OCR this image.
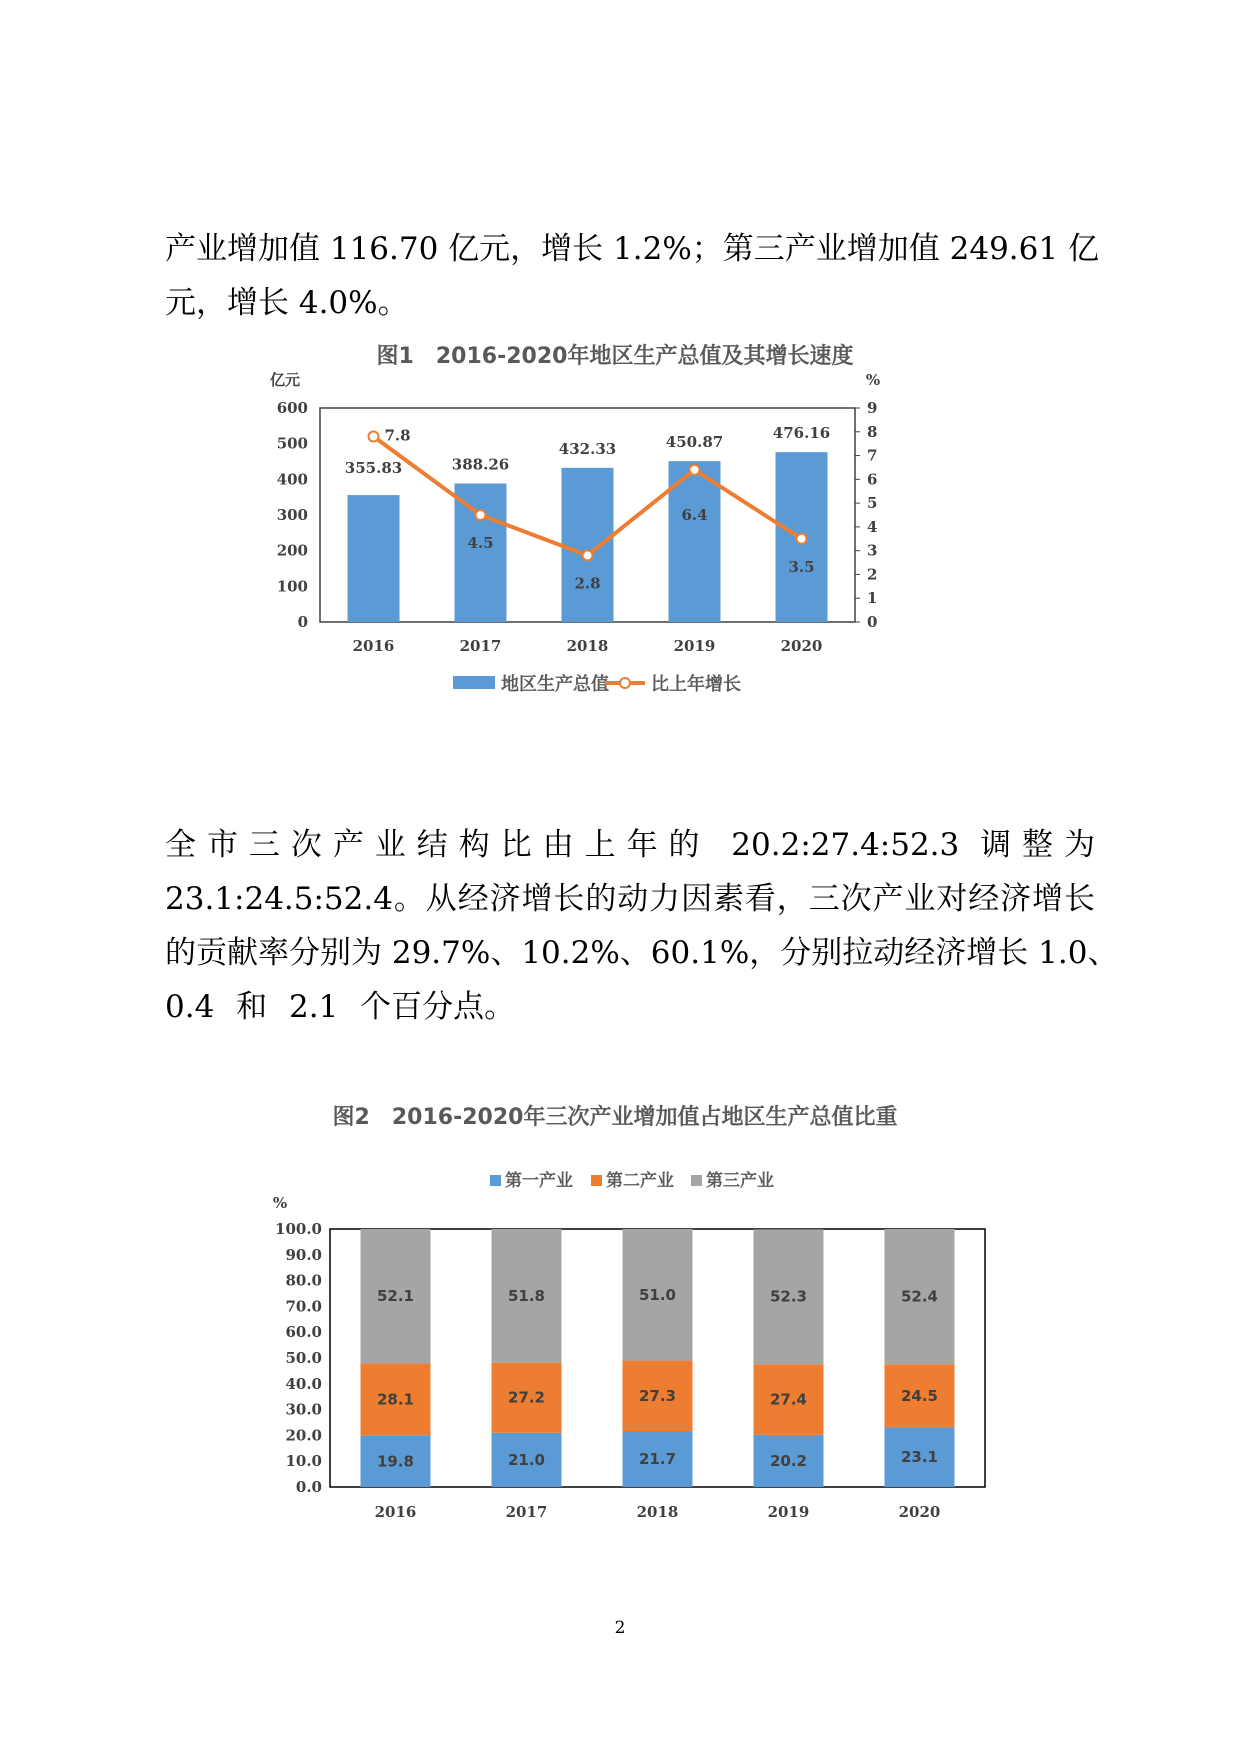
产业增加值 116.70 亿元，增长 1.2%；第三产业增加值 249.61 亿
元，增长 4.0%。
图1　2016-2020年地区生产总值及其增长速度
亿元	%
0
100
200
300
400
500
600
0
1
2
3
4
5
6
7
8
9
355.83	388.26
432.33	450.87
476.16
7.8
4.5
2.8
6.4
3.5
2016	2017	2018	2019	2020
地区生产总值 比上年增长
全市三次产业结构比由上年的 20.2:27.4:52.3 调整为
23.1:24.5:52.4。从经济增长的动力因素看，三次产业对经济增长
的贡献率分别为 29.7%、10.2%、60.1%，分别拉动经济增长 1.0、
0.4 和 2.1 个百分点。
图2　2016-2020年三次产业增加值占地区生产总值比重
第一产业 第二产业 第三产业
%
0.0
10.0
20.0
30.0
40.0
50.0
60.0
70.0
80.0
90.0
100.0
19.8
28.1
52.1
2016
21.0
27.2
51.8
2017
21.7
27.3
51.0
2018
20.2
27.4
52.3
2019
23.1
24.5
52.4
2020
2
